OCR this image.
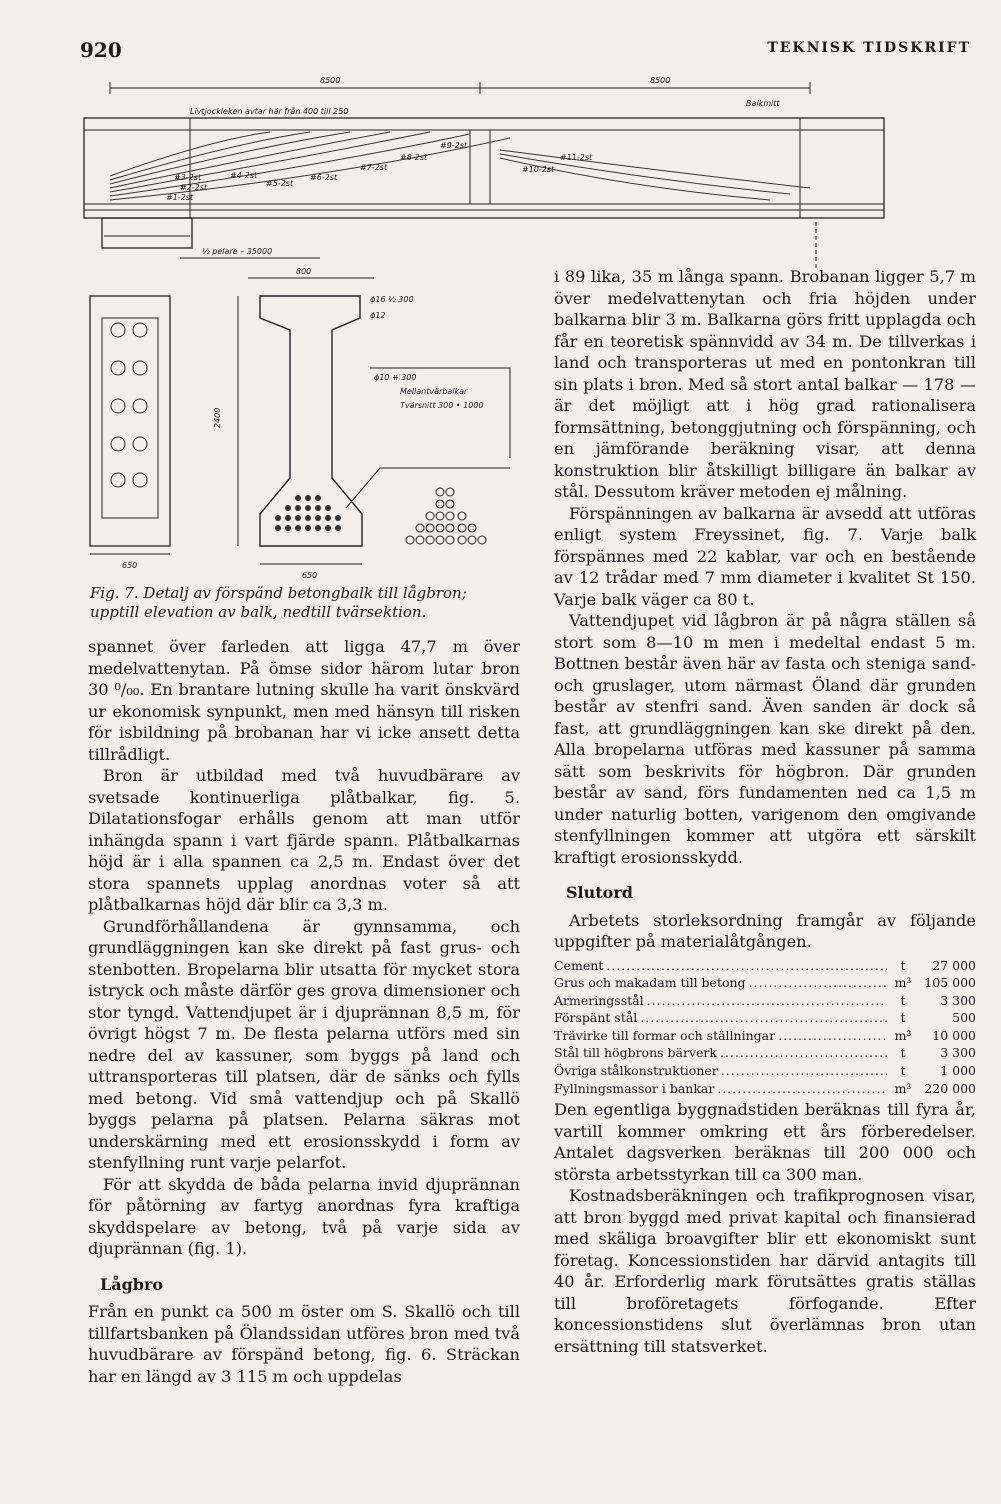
920	TEKNISK TIDSKRIFT
8500	8500
Livtjockleken avtar här från 400 till 250
Balkmitt
#1-2st
#2-2st
#3-2st	#4-2st
#5-2st
#6-2st
#7-2st
#8-2st
#9-2st
#10-2st
#11-2st
½ pelare – 35000
650
800
2400
650
ϕ16 ½ 300
ϕ12
ϕ10 ⧺ 300
Mellantvärbalkar
Tvärsnitt 300 • 1000
Fig. 7. Detalj av förspänd betongbalk till lågbron; upptill elevation av balk, nedtill tvärsektion.

spannet över farleden att ligga 47,7 m över medelvattenytan. På ömse sidor härom lutar bron 30 ⁰/₀₀. En brantare lutning skulle ha varit önskvärd ur ekonomisk synpunkt, men med hänsyn till risken för isbildning på brobanan har vi icke ansett detta tillrådligt.

Bron är utbildad med två huvudbärare av svetsade kontinuerliga plåtbalkar, fig. 5. Dilatationsfogar erhålls genom att man utför inhängda spann i vart fjärde spann. Plåtbalkarnas höjd är i alla spannen ca 2,5 m. Endast över det stora spannets upplag anordnas voter så att plåtbalkarnas höjd där blir ca 3,3 m.

Grundförhållandena är gynnsamma, och grundläggningen kan ske direkt på fast grus- och stenbotten. Bropelarna blir utsatta för mycket stora istryck och måste därför ges grova dimensioner och stor tyngd. Vattendjupet är i djuprännan 8,5 m, för övrigt högst 7 m. De flesta pelarna utförs med sin nedre del av kassuner, som byggs på land och uttransporteras till platsen, där de sänks och fylls med betong. Vid små vattendjup och på Skallö byggs pelarna på platsen. Pelarna säkras mot underskärning med ett erosionsskydd i form av stenfyllning runt varje pelarfot.

För att skydda de båda pelarna invid djuprännan för påtörning av fartyg anordnas fyra kraftiga skyddspelare av betong, två på varje sida av djuprännan (fig. 1).

Lågbro

Från en punkt ca 500 m öster om S. Skallö och till tillfartsbanken på Ölandssidan utföres bron med två huvudbärare av förspänd betong, fig. 6. Sträckan har en längd av 3 115 m och uppdelas

i 89 lika, 35 m långa spann. Brobanan ligger 5,7 m över medelvattenytan och fria höjden under balkarna blir 3 m. Balkarna görs fritt upplagda och får en teoretisk spännvidd av 34 m. De tillverkas i land och transporteras ut med en pontonkran till sin plats i bron. Med så stort antal balkar — 178 — är det möjligt att i hög grad rationalisera formsättning, betonggjutning och förspänning, och en jämförande beräkning visar, att denna konstruktion blir åtskilligt billigare än balkar av stål. Dessutom kräver metoden ej målning.

Förspänningen av balkarna är avsedd att utföras enligt system Freyssinet, fig. 7. Varje balk förspännes med 22 kablar, var och en bestående av 12 trådar med 7 mm diameter i kvalitet St 150. Varje balk väger ca 80 t.

Vattendjupet vid lågbron är på några ställen så stort som 8—10 m men i medeltal endast 5 m. Bottnen består även här av fasta och steniga sand- och gruslager, utom närmast Öland där grunden består av stenfri sand. Även sanden är dock så fast, att grundläggningen kan ske direkt på den. Alla bropelarna utföras med kassuner på samma sätt som beskrivits för högbron. Där grunden består av sand, förs fundamenten ned ca 1,5 m under naturlig botten, varigenom den omgivande stenfyllningen kommer att utgöra ett särskilt kraftigt erosionsskydd.

Slutord

Arbetets storleksordning framgår av följande uppgifter på materialåtgången.

Cement .....	t	27 000
Grus och makadam till betong .....	m³	105 000
Armeringsstål .....	t	3 300
Förspänt stål .....	t	500
Trävirke till formar och ställningar .....	m³	10 000
Stål till högbrons bärverk .....	t	3 300
Övriga stålkonstruktioner .....	t	1 000
Fyllningsmassor i bankar .....	m³	220 000

Den egentliga byggnadstiden beräknas till fyra år, vartill kommer omkring ett års förberedelser. Antalet dagsverken beräknas till 200 000 och största arbetsstyrkan till ca 300 man.

Kostnadsberäkningen och trafikprognosen visar, att bron byggd med privat kapital och finansierad med skäliga broavgifter blir ett ekonomiskt sunt företag. Koncessionstiden har därvid antagits till 40 år. Erforderlig mark förutsättes gratis ställas till broföretagets förfogande. Efter koncessionstidens slut överlämnas bron utan ersättning till statsverket.
